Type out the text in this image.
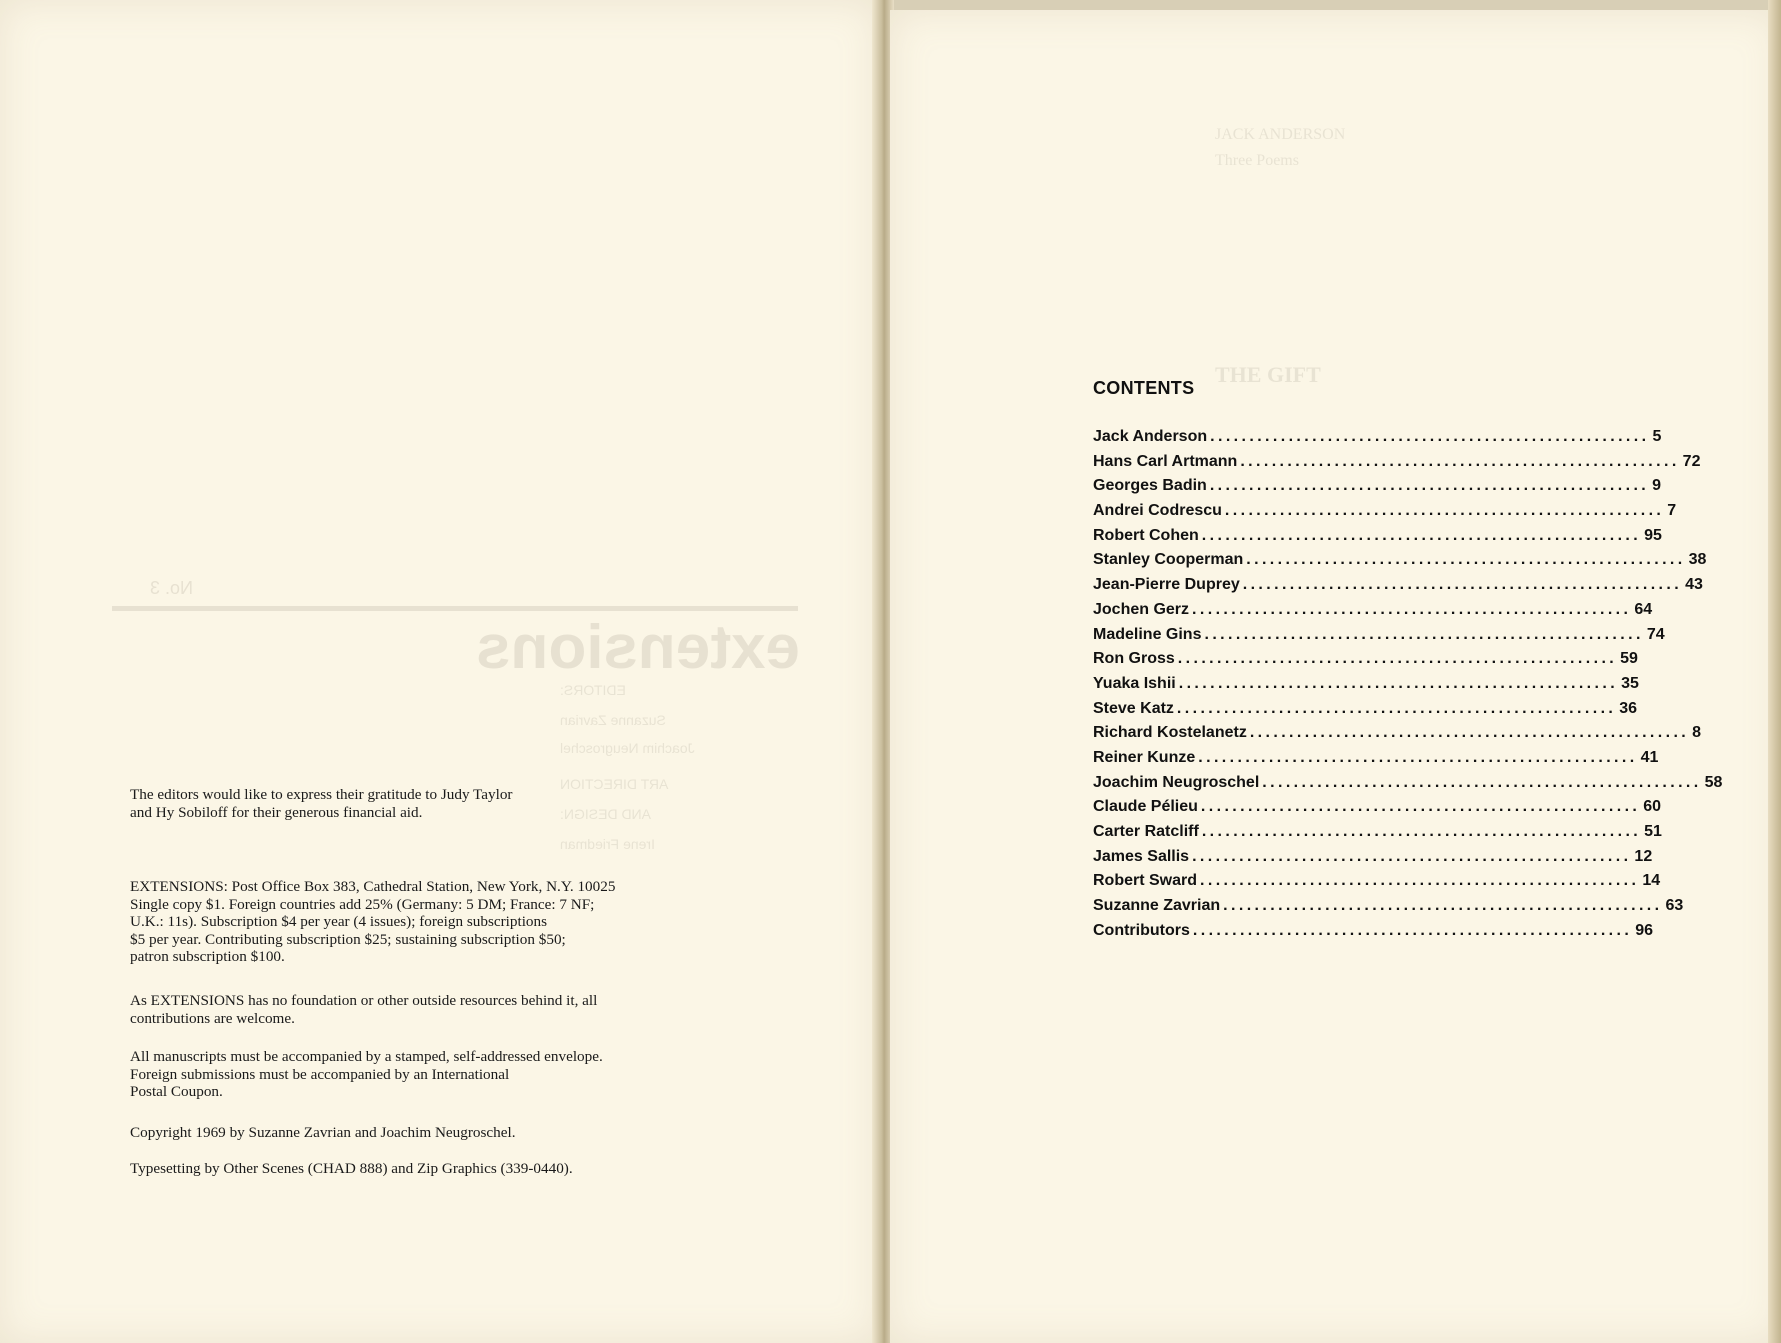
No. 3
extensions
EDITORS:
Suzanne Zavrian
Joachim Neugroschel
ART DIRECTION
AND DESIGN:
Irene Friedman

The editors would like to express their gratitude to Judy Taylor

and Hy Sobiloff for their generous financial aid.

EXTENSIONS: Post Office Box 383, Cathedral Station, New York, N.Y. 10025

Single copy $1. Foreign countries add 25% (Germany: 5 DM; France: 7 NF;

U.K.: 11s). Subscription $4 per year (4 issues); foreign subscriptions

$5 per year. Contributing subscription $25; sustaining subscription $50;

patron subscription $100.

As EXTENSIONS has no foundation or other outside resources behind it, all

contributions are welcome.

All manuscripts must be accompanied by a stamped, self-addressed envelope.

Foreign submissions must be accompanied by an International

Postal Coupon.

Copyright 1969 by Suzanne Zavrian and Joachim Neugroschel.

Typesetting by Other Scenes (CHAD 888) and Zip Graphics (339-0440).

JACK ANDERSON
Three Poems
THE GIFT
CONTENTS
Jack Anderson ........................................................ 5
Hans Carl Artmann ........................................................ 72
Georges Badin ........................................................ 9
Andrei Codrescu ........................................................ 7
Robert Cohen ........................................................ 95
Stanley Cooperman ........................................................ 38
Jean-Pierre Duprey ........................................................ 43
Jochen Gerz ........................................................ 64
Madeline Gins ........................................................ 74
Ron Gross ........................................................ 59
Yuaka Ishii ........................................................ 35
Steve Katz ........................................................ 36
Richard Kostelanetz ........................................................ 8
Reiner Kunze ........................................................ 41
Joachim Neugroschel ........................................................ 58
Claude Pélieu ........................................................ 60
Carter Ratcliff ........................................................ 51
James Sallis ........................................................ 12
Robert Sward ........................................................ 14
Suzanne Zavrian ........................................................ 63
Contributors ........................................................ 96
